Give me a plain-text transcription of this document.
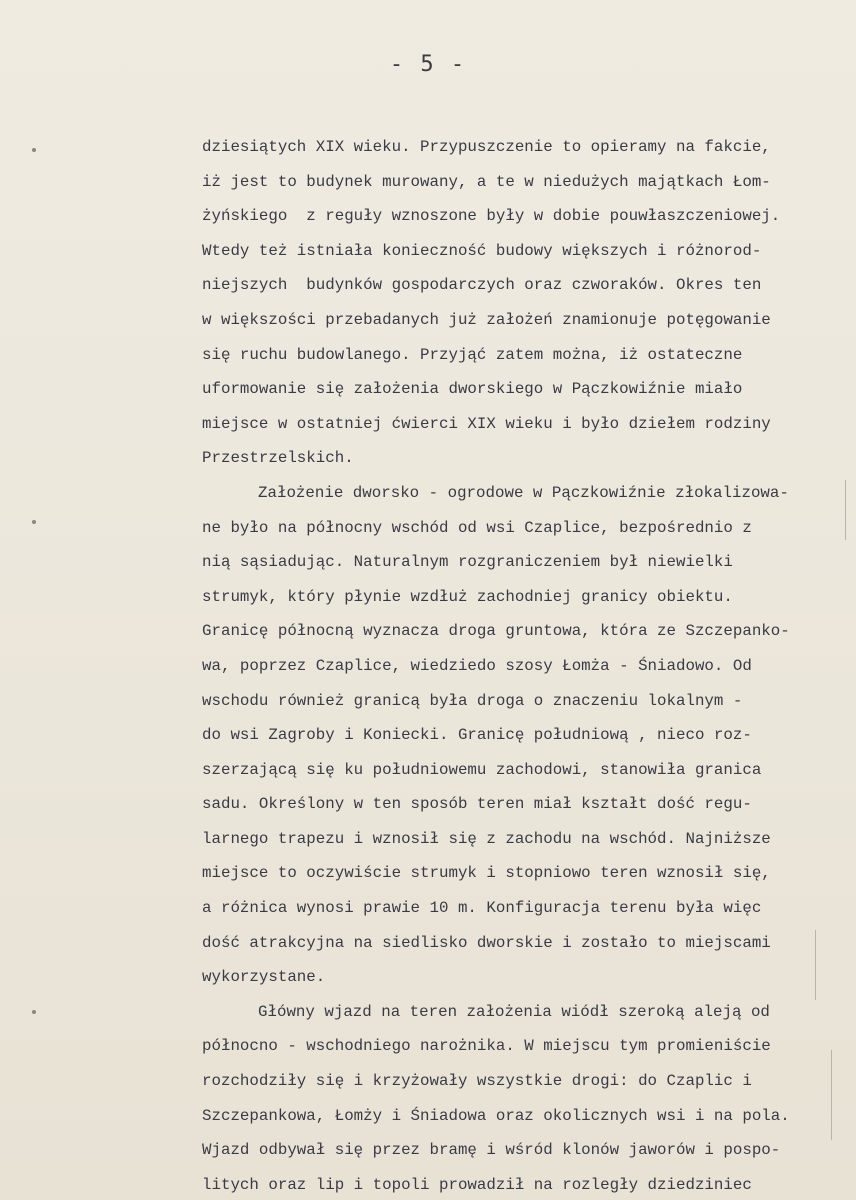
- 5 -
dziesiątych XIX wieku. Przypuszczenie to opieramy na fakcie,
iż jest to budynek murowany, a te w niedużych majątkach Łom-
żyńskiego  z reguły wznoszone były w dobie pouwłaszczeniowej.
Wtedy też istniała konieczność budowy większych i różnorod-
niejszych  budynków gospodarczych oraz czworaków. Okres ten
w większości przebadanych już założeń znamionuje potęgowanie
się ruchu budowlanego. Przyjąć zatem można, iż ostateczne
uformowanie się założenia dworskiego w Pączkowiźnie miało
miejsce w ostatniej ćwierci XIX wieku i było dziełem rodziny
Przestrzelskich.
Założenie dworsko - ogrodowe w Pączkowiźnie złokalizowa-
ne było na północny wschód od wsi Czaplice, bezpośrednio z
nią sąsiadując. Naturalnym rozgraniczeniem był niewielki
strumyk, który płynie wzdłuż zachodniej granicy obiektu.
Granicę północną wyznacza droga gruntowa, która ze Szczepanko-
wa, poprzez Czaplice, wiedziedo szosy Łomża - Śniadowo. Od
wschodu również granicą była droga o znaczeniu lokalnym -
do wsi Zagroby i Koniecki. Granicę południową , nieco roz-
szerzającą się ku południowemu zachodowi, stanowiła granica
sadu. Określony w ten sposób teren miał kształt dość regu-
larnego trapezu i wznosił się z zachodu na wschód. Najniższe
miejsce to oczywiście strumyk i stopniowo teren wznosił się,
a różnica wynosi prawie 10 m. Konfiguracja terenu była więc
dość atrakcyjna na siedlisko dworskie i zostało to miejscami
wykorzystane.
Główny wjazd na teren założenia wiódł szeroką aleją od
północno - wschodniego narożnika. W miejscu tym promieniście
rozchodziły się i krzyżowały wszystkie drogi: do Czaplic i
Szczepankowa, Łomży i Śniadowa oraz okolicznych wsi i na pola.
Wjazd odbywał się przez bramę i wśród klonów jaworów i pospo-
litych oraz lip i topoli prowadził na rozległy dziedziniec
